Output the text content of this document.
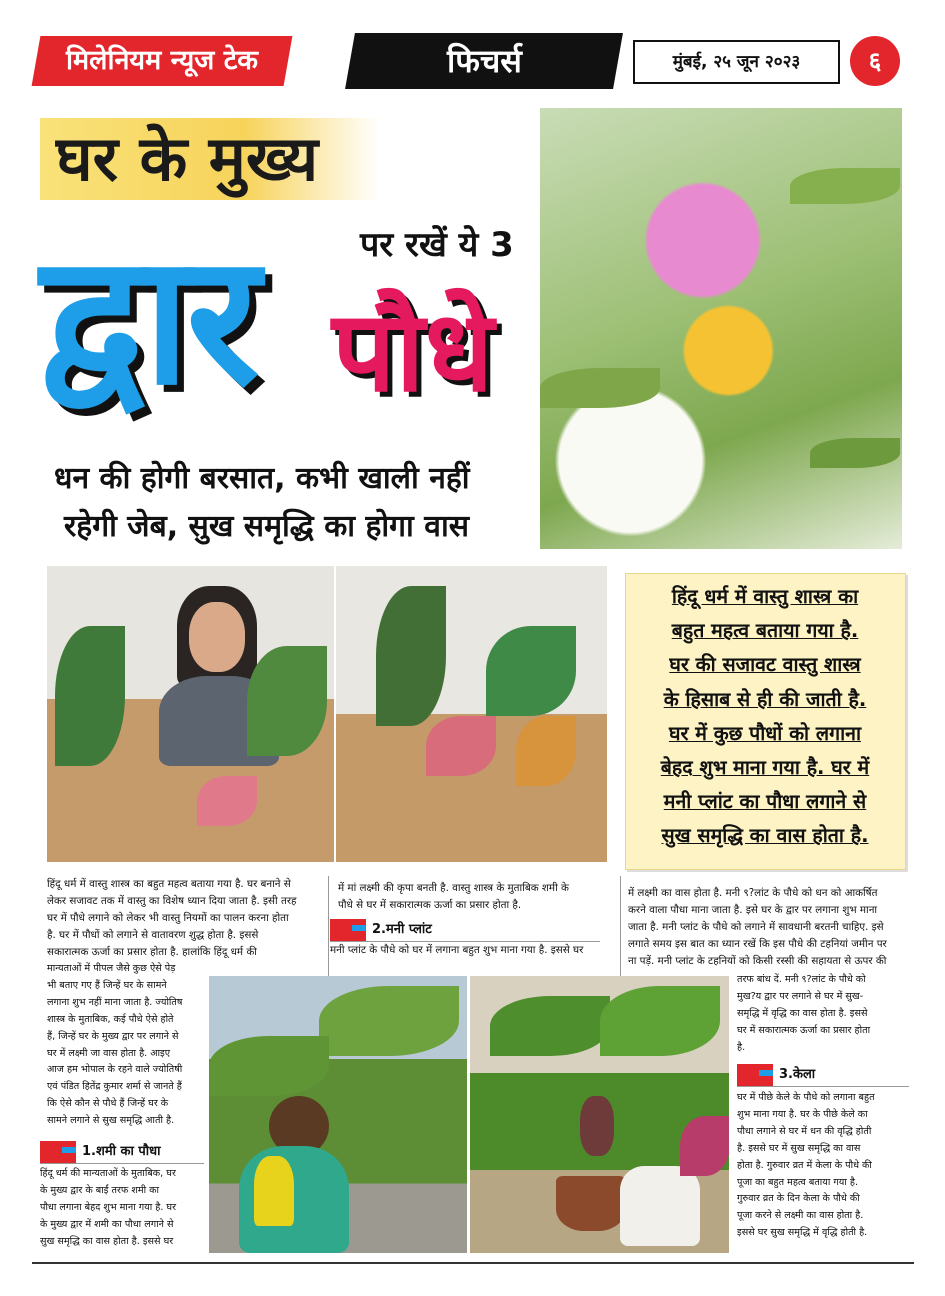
मिलेनियम न्यूज टेक	फिचर्स	मुंबई, २५ जून २०२३	६
घर के मुख्य
द्वार	पर रखें ये 3
पौधे
धन की होगी बरसात, कभी खाली नहीं
रहेगी जेब, सुख समृद्धि का होगा वास
हिंदू धर्म में वास्तु शास्त्र का
बहुत महत्व बताया गया है.
घर की सजावट वास्तु शास्त्र
के हिसाब से ही की जाती है.
घर में कुछ पौधों को लगाना
बेहद शुभ माना गया है. घर में
मनी प्लांट का पौधा लगाने से
सुख समृद्धि का वास होता है.
हिंदू धर्म में वास्तु शास्त्र का बहुत महत्व बताया गया है. घर बनाने से
लेकर सजावट तक में वास्तु का विशेष ध्यान दिया जाता है. इसी तरह
घर में पौधे लगाने को लेकर भी वास्तु नियमों का पालन करना होता
है. घर में पौधों को लगाने से वातावरण शुद्ध होता है. इससे
सकारात्मक ऊर्जा का प्रसार होता है. हालांकि हिंदू धर्म की
मान्यताओं में पीपल जैसे कुछ ऐसे पेड़
भी बताए गए हैं जिन्हें घर के सामने
लगाना शुभ नहीं माना जाता है. ज्योतिष
शास्त्र के मुताबिक, कई पौधे ऐसे होते
हैं, जिन्हें घर के मुख्य द्वार पर लगाने से
घर में लक्ष्मी जा वास होता है. आइए
आज हम भोपाल के रहने वाले ज्योतिषी
एवं पंडित हितेंद्र कुमार शर्मा से जानते हैं
कि ऐसे कौन से पौधे हैं जिन्हें घर के
सामने लगाने से सुख समृद्धि आती है.
1.शमी का पौधा
हिंदू धर्म की मान्यताओं के मुताबिक, घर
के मुख्य द्वार के बाईं तरफ शमी का
पौधा लगाना बेहद शुभ माना गया है. घर
के मुख्य द्वार में शमी का पौधा लगाने से
सुख समृद्धि का वास होता है. इससे घर
में मां लक्ष्मी की कृपा बनती है. वास्तु शास्त्र के मुताबिक शमी के
पौधे से घर में सकारात्मक ऊर्जा का प्रसार होता है.
2.मनी प्लांट
मनी प्लांट के पौधे को घर में लगाना बहुत शुभ माना गया है. इससे घर
में लक्ष्मी का वास होता है. मनी ९?लांट के पौधे को धन को आकर्षित
करने वाला पौधा माना जाता है. इसे घर के द्वार पर लगाना शुभ माना
जाता है. मनी प्लांट के पौधे को लगाने में सावधानी बरतनी चाहिए. इसे
लगाते समय इस बात का ध्यान रखें कि इस पौधे की टहनियां जमीन पर
ना पड़ें. मनी प्लांट के टहनियों को किसी रस्सी की सहायता से ऊपर की
तरफ बांध दें. मनी ९?लांट के पौधे को
मुख?य द्वार पर लगाने से घर में सुख-
समृद्धि में वृद्धि का वास होता है. इससे
घर में सकारात्मक ऊर्जा का प्रसार होता
है.
3.केला
घर में पीछे केले के पौधे को लगाना बहुत
शुभ माना गया है. घर के पीछे केले का
पौधा लगाने से घर में धन की वृद्धि होती
है. इससे घर में सुख समृद्धि का वास
होता है. गुरुवार व्रत में केला के पौधे की
पूजा का बहुत महत्व बताया गया है.
गुरुवार व्रत के दिन केला के पौधे की
पूजा करने से लक्ष्मी का वास होता है.
इससे घर सुख समृद्धि में वृद्धि होती है.
